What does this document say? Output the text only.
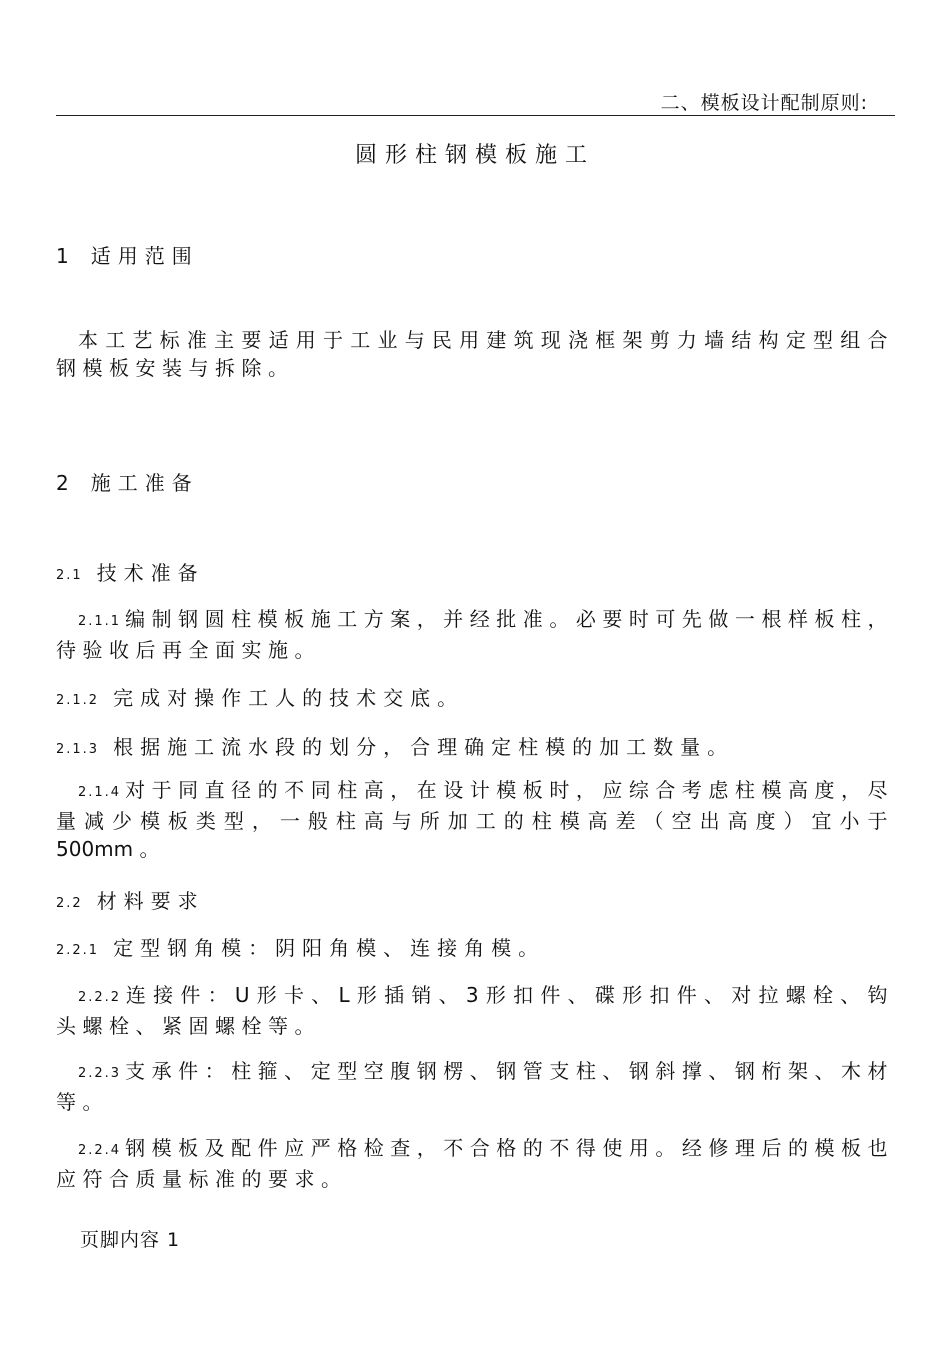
二、模板设计配制原则:
圆形柱钢模板施工
1 适用范围
本工艺标准主要适用于工业与民用建筑现浇框架剪力墙结构定型组合钢模板安装与拆除。
2 施工准备
2.1 技术准备
2.1.1 编制钢圆柱模板施工方案，并经批准。必要时可先做一根样板柱，待验收后再全面实施。
2.1.2 完成对操作工人的技术交底。
2.1.3 根据施工流水段的划分，合理确定柱模的加工数量。
2.1.4 对于同直径的不同柱高，在设计模板时，应综合考虑柱模高度，尽量减少模板类型，一般柱高与所加工的柱模高差（空出高度）宜小于500mm 。
2.2 材料要求
2.2.1 定型钢角模：阴阳角模、连接角模。
2.2.2 连接件：U形卡、L形插销、3形扣件、碟形扣件、对拉螺栓、钩头螺栓、紧固螺栓等。
2.2.3 支承件：柱箍、定型空腹钢楞、钢管支柱、钢斜撑、钢桁架、木材等。
2.2.4 钢模板及配件应严格检查，不合格的不得使用。经修理后的模板也应符合质量标准的要求。
页脚内容 1
